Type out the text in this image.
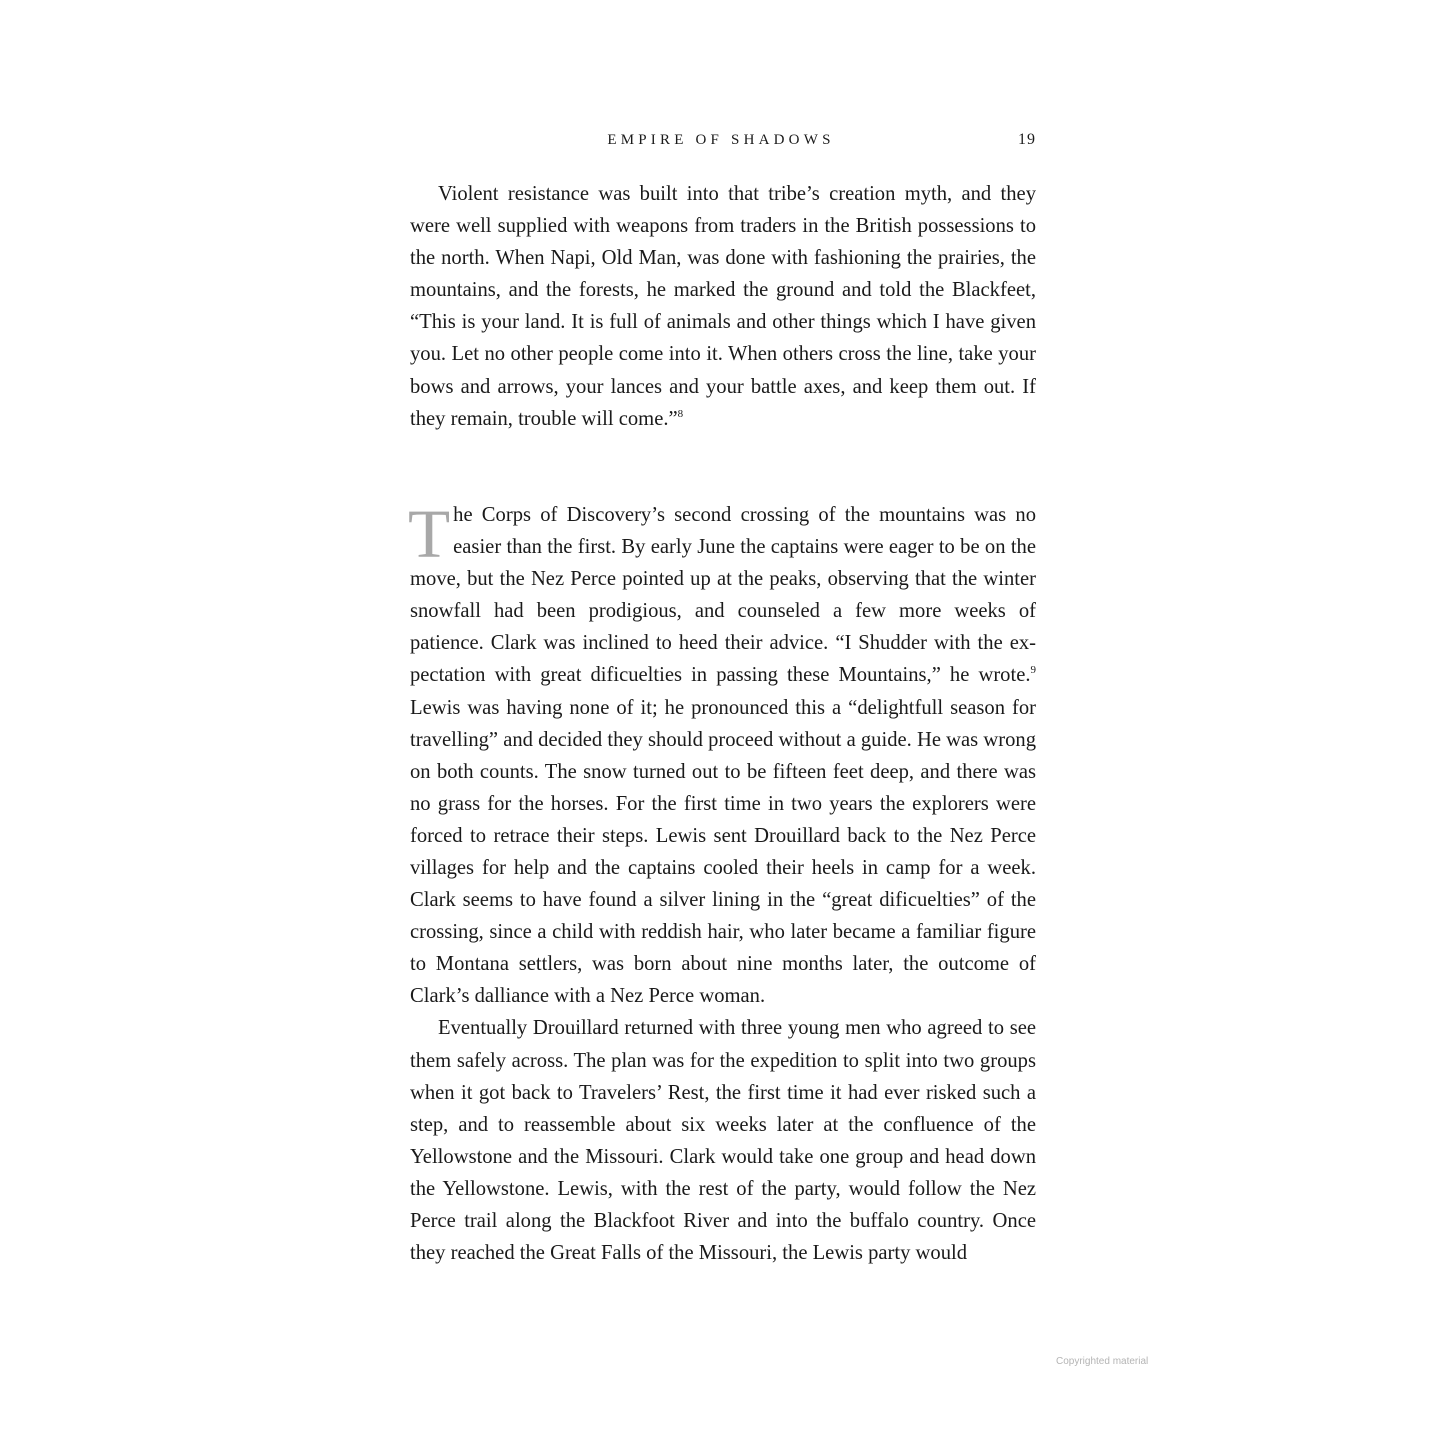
EMPIRE OF SHADOWS	19

Violent resistance was built into that tribe’s creation myth, and they were well supplied with weapons from traders in the British possessions to the north. When Napi, Old Man, was done with fashioning the prairies, the mountains, and the forests, he marked the ground and told the Blackfeet, “This is your land. It is full of animals and other things which I have given you. Let no other people come into it. When others cross the line, take your bows and arrows, your lances and your battle axes, and keep them out. If they remain, trouble will come.”$^8$

The Corps of Discovery’s second crossing of the mountains was no easier than the first. By early June the captains were eager to be on the move, but the Nez Perce pointed up at the peaks, observing that the winter snowfall had been prodigious, and counseled a few more weeks of patience. Clark was inclined to heed their advice. “I Shudder with the expectation with great dificuelties in passing these Mountains,” he wrote.$^9$ Lewis was having none of it; he pronounced this a “delightfull season for travelling” and decided they should proceed without a guide. He was wrong on both counts. The snow turned out to be fifteen feet deep, and there was no grass for the horses. For the first time in two years the explorers were forced to retrace their steps. Lewis sent Drouillard back to the Nez Perce villages for help and the captains cooled their heels in camp for a week. Clark seems to have found a silver lining in the “great dificuelties” of the crossing, since a child with reddish hair, who later became a familiar figure to Montana settlers, was born about nine months later, the outcome of Clark’s dalliance with a Nez Perce woman.

Eventually Drouillard returned with three young men who agreed to see them safely across. The plan was for the expedition to split into two groups when it got back to Travelers’ Rest, the first time it had ever risked such a step, and to reassemble about six weeks later at the confluence of the Yellowstone and the Missouri. Clark would take one group and head down the Yellowstone. Lewis, with the rest of the party, would follow the Nez Perce trail along the Blackfoot River and into the buffalo country. Once they reached the Great Falls of the Missouri, the Lewis party would

Copyrighted material
